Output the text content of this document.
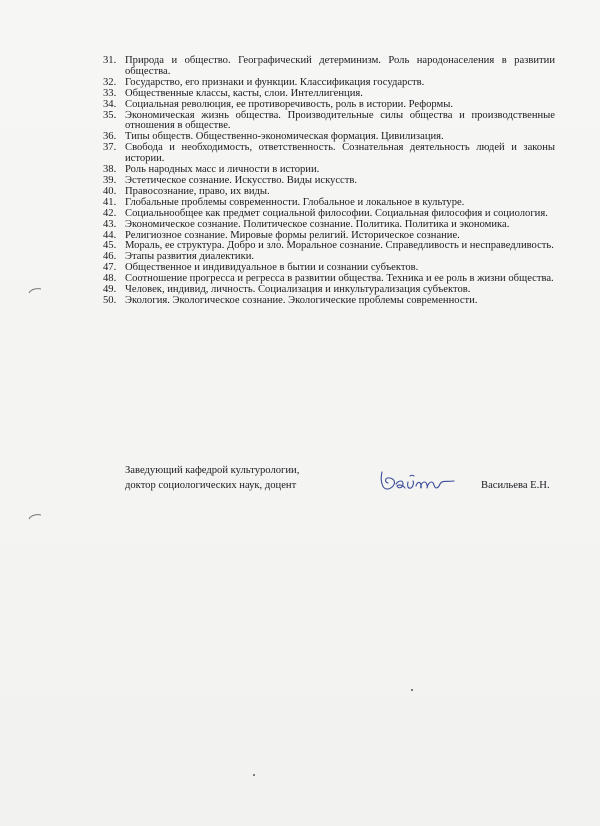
31. Природа и общество. Географический детерминизм. Роль народонаселения в развитии общества.
32. Государство, его признаки и функции. Классификация государств.
33. Общественные классы, касты, слои. Интеллигенция.
34. Социальная революция, ее противоречивость, роль в истории. Реформы.
35. Экономическая жизнь общества. Производительные силы общества и производственные отношения в обществе.
36. Типы обществ. Общественно-экономическая формация. Цивилизация.
37. Свобода и необходимость, ответственность. Сознательная деятельность людей и законы истории.
38. Роль народных масс и личности в истории.
39. Эстетическое сознание. Искусство. Виды искусств.
40. Правосознание, право, их виды.
41. Глобальные проблемы современности. Глобальное и локальное в культуре.
42. Социальнообщее как предмет социальной философии. Социальная философия и социология.
43. Экономическое сознание. Политическое сознание. Политика. Политика и экономика.
44. Религиозное сознание. Мировые формы религий. Историческое сознание.
45. Мораль, ее структура. Добро и зло. Моральное сознание. Справедливость и несправедливость.
46. Этапы развития диалектики.
47. Общественное и индивидуальное в бытии и сознании субъектов.
48. Соотношение прогресса и регресса в развитии общества. Техника и ее роль в жизни общества.
49. Человек, индивид, личность. Социализация и инкультурализация субъектов.
50. Экология. Экологическое сознание. Экологические проблемы современности.
Заведующий кафедрой культурологии,
доктор социологических наук, доцент	Васильева Е.Н.
